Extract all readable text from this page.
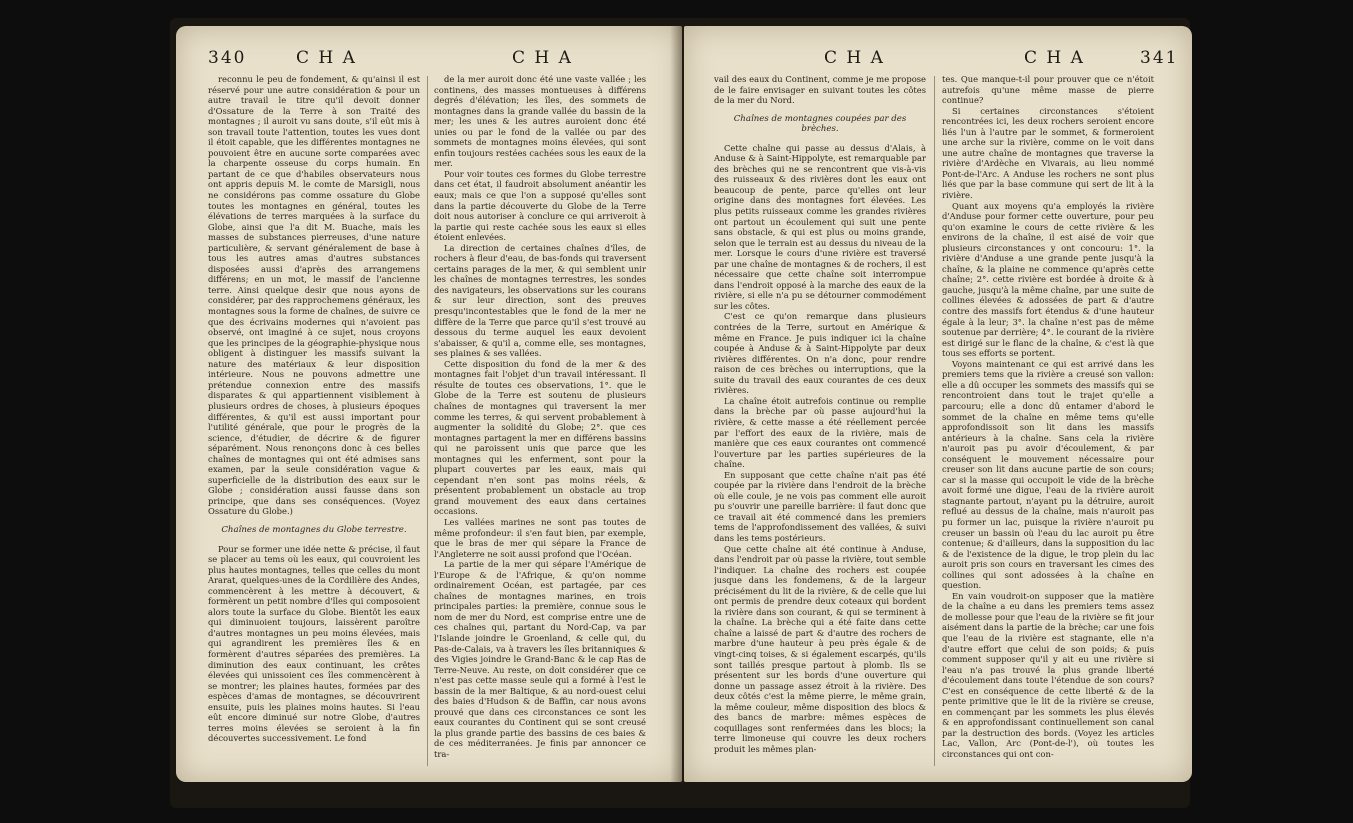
340	C H A	C H A

reconnu le peu de fondement, & qu'ainsi il est réservé pour une autre considération & pour un autre travail le titre qu'il devoit donner d'Ossature de la Terre à son Traité des montagnes ; il auroit vu sans doute, s'il eût mis à son travail toute l'attention, toutes les vues dont il étoit capable, que les différentes montagnes ne pouvoient être en aucune sorte comparées avec la charpente osseuse du corps humain. En partant de ce que d'habiles observateurs nous ont appris depuis M. le comte de Marsigli, nous ne considérons pas comme ossature du Globe toutes les montagnes en général, toutes les élévations de terres marquées à la surface du Globe, ainsi que l'a dit M. Buache, mais les masses de substances pierreuses, d'une nature particulière, & servant généralement de base à tous les autres amas d'autres substances disposées aussi d'après des arrangemens différens; en un mot, le massif de l'ancienne terre. Ainsi quelque desir que nous ayons de considérer, par des rapprochemens généraux, les montagnes sous la forme de chaînes, de suivre ce que des écrivains modernes qui n'avoient pas observé, ont imaginé à ce sujet, nous croyons que les principes de la géographie-physique nous obligent à distinguer les massifs suivant la nature des matériaux & leur disposition intérieure. Nous ne pouvons admettre une prétendue connexion entre des massifs disparates & qui appartiennent visiblement à plusieurs ordres de choses, à plusieurs époques différentes, & qu'il est aussi important pour l'utilité générale, que pour le progrès de la science, d'étudier, de décrire & de figurer séparément. Nous renonçons donc à ces belles chaînes de montagnes qui ont été admises sans examen, par la seule considération vague & superficielle de la distribution des eaux sur le Globe ; considération aussi fausse dans son principe, que dans ses conséquences. (Voyez Ossature du Globe.)

Chaînes de montagnes du Globe terrestre.

Pour se former une idée nette & précise, il faut se placer au tems où les eaux, qui couvroient les plus hautes montagnes, telles que celles du mont Ararat, quelques-unes de la Cordilière des Andes, commencèrent à les mettre à découvert, & formèrent un petit nombre d'îles qui composoient alors toute la surface du Globe. Bientôt les eaux qui diminuoient toujours, laissèrent paroître d'autres montagnes un peu moins élevées, mais qui agrandirent les premières îles & en formèrent d'autres séparées des premières. La diminution des eaux continuant, les crêtes élevées qui unissoient ces îles commencèrent à se montrer; les plaines hautes, formées par des espèces d'amas de montagnes, se découvrirent ensuite, puis les plaines moins hautes. Si l'eau eût encore diminué sur notre Globe, d'autres terres moins élevées se seroient à la fin découvertes successivement. Le fond

de la mer auroit donc été une vaste vallée ; les continens, des masses montueuses à différens degrés d'élévation; les îles, des sommets de montagnes dans la grande vallée du bassin de la mer; les unes & les autres auroient donc été unies ou par le fond de la vallée ou par des sommets de montagnes moins élevées, qui sont enfin toujours restées cachées sous les eaux de la mer.

Pour voir toutes ces formes du Globe terrestre dans cet état, il faudroit absolument anéantir les eaux; mais ce que l'on a supposé qu'elles sont dans la partie découverte du Globe de la Terre doit nous autoriser à conclure ce qui arriveroit à la partie qui reste cachée sous les eaux si elles étoient enlevées.

La direction de certaines chaînes d'îles, de rochers à fleur d'eau, de bas-fonds qui traversent certains parages de la mer, & qui semblent unir les chaînes de montagnes terrestres, les sondes des navigateurs, les observations sur les courans & sur leur direction, sont des preuves presqu'incontestables que le fond de la mer ne diffère de la Terre que parce qu'il s'est trouvé au dessous du terme auquel les eaux devoient s'abaisser, & qu'il a, comme elle, ses montagnes, ses plaines & ses vallées.

Cette disposition du fond de la mer & des montagnes fait l'objet d'un travail intéressant. Il résulte de toutes ces observations, 1°. que le Globe de la Terre est soutenu de plusieurs chaînes de montagnes qui traversent la mer comme les terres, & qui servent probablement à augmenter la solidité du Globe; 2°. que ces montagnes partagent la mer en différens bassins qui ne paroissent unis que parce que les montagnes qui les enferment, sont pour la plupart couvertes par les eaux, mais qui cependant n'en sont pas moins réels, & présentent probablement un obstacle au trop grand mouvement des eaux dans certaines occasions.

Les vallées marines ne sont pas toutes de même profondeur: il s'en faut bien, par exemple, que le bras de mer qui sépare la France de l'Angleterre ne soit aussi profond que l'Océan.

La partie de la mer qui sépare l'Amérique de l'Europe & de l'Afrique, & qu'on nomme ordinairement Océan, est partagée, par ces chaînes de montagnes marines, en trois principales parties: la première, connue sous le nom de mer du Nord, est comprise entre une de ces chaînes qui, partant du Nord-Cap, va par l'Islande joindre le Groenland, & celle qui, du Pas-de-Calais, va à travers les îles britanniques & des Vigies joindre le Grand-Banc & le cap Ras de Terre-Neuve. Au reste, on doit considérer que ce n'est pas cette masse seule qui a formé à l'est le bassin de la mer Baltique, & au nord-ouest celui des baies d'Hudson & de Baffin, car nous avons prouvé que dans ces circonstances ce sont les eaux courantes du Continent qui se sont creusé la plus grande partie des bassins de ces baies & de ces méditerranées. Je finis par annoncer ce tra-

C H A	C H A	341

vail des eaux du Continent, comme je me propose de le faire envisager en suivant toutes les côtes de la mer du Nord.

Chaînes de montagnes coupées par des brèches.

Cette chaîne qui passe au dessus d'Alais, à Anduse & à Saint-Hippolyte, est remarquable par des brèches qui ne se rencontrent que vis-à-vis des ruisseaux & des rivières dont les eaux ont beaucoup de pente, parce qu'elles ont leur origine dans des montagnes fort élevées. Les plus petits ruisseaux comme les grandes rivières ont partout un écoulement qui suit une pente sans obstacle, & qui est plus ou moins grande, selon que le terrain est au dessus du niveau de la mer. Lorsque le cours d'une rivière est traversé par une chaîne de montagnes & de rochers, il est nécessaire que cette chaîne soit interrompue dans l'endroit opposé à la marche des eaux de la rivière, si elle n'a pu se détourner commodément sur les côtes.

C'est ce qu'on remarque dans plusieurs contrées de la Terre, surtout en Amérique & même en France. Je puis indiquer ici la chaîne coupée à Anduse & à Saint-Hippolyte par deux rivières différentes. On n'a donc, pour rendre raison de ces brèches ou interruptions, que la suite du travail des eaux courantes de ces deux rivières.

La chaîne étoit autrefois continue ou remplie dans la brèche par où passe aujourd'hui la rivière, & cette masse a été réellement percée par l'effort des eaux de la rivière, mais de manière que ces eaux courantes ont commencé l'ouverture par les parties supérieures de la chaîne.

En supposant que cette chaîne n'ait pas été coupée par la rivière dans l'endroit de la brèche où elle coule, je ne vois pas comment elle auroit pu s'ouvrir une pareille barrière: il faut donc que ce travail ait été commencé dans les premiers tems de l'approfondissement des vallées, & suivi dans les tems postérieurs.

Que cette chaîne ait été continue à Anduse, dans l'endroit par où passe la rivière, tout semble l'indiquer. La chaîne des rochers est coupée jusque dans les fondemens, & de la largeur précisément du lit de la rivière, & de celle que lui ont permis de prendre deux coteaux qui bordent la rivière dans son courant, & qui se terminent à la chaîne. La brèche qui a été faite dans cette chaîne a laissé de part & d'autre des rochers de marbre d'une hauteur à peu près égale & de vingt-cinq toises, & si également escarpés, qu'ils sont taillés presque partout à plomb. Ils se présentent sur les bords d'une ouverture qui donne un passage assez étroit à la rivière. Des deux côtés c'est la même pierre, le même grain, la même couleur, même disposition des blocs & des bancs de marbre: mêmes espèces de coquillages sont renfermées dans les blocs; la terre limoneuse qui couvre les deux rochers produit les mêmes plan-

tes. Que manque-t-il pour prouver que ce n'étoit autrefois qu'une même masse de pierre continue?

Si certaines circonstances s'étoient rencontrées ici, les deux rochers seroient encore liés l'un à l'autre par le sommet, & formeroient une arche sur la rivière, comme on le voit dans une autre chaîne de montagnes que traverse la rivière d'Ardèche en Vivarais, au lieu nommé Pont-de-l'Arc. A Anduse les rochers ne sont plus liés que par la base commune qui sert de lit à la rivière.

Quant aux moyens qu'a employés la rivière d'Anduse pour former cette ouverture, pour peu qu'on examine le cours de cette rivière & les environs de la chaîne, il est aisé de voir que plusieurs circonstances y ont concouru: 1°. la rivière d'Anduse a une grande pente jusqu'à la chaîne, & la plaine ne commence qu'après cette chaîne; 2°. cette rivière est bordée à droite & à gauche, jusqu'à la même chaîne, par une suite de collines élevées & adossées de part & d'autre contre des massifs fort étendus & d'une hauteur égale à la leur; 3°. la chaîne n'est pas de même soutenue par derrière; 4°. le courant de la rivière est dirigé sur le flanc de la chaîne, & c'est là que tous ses efforts se portent.

Voyons maintenant ce qui est arrivé dans les premiers tems que la rivière a creusé son vallon: elle a dû occuper les sommets des massifs qui se rencontroient dans tout le trajet qu'elle a parcouru; elle a donc dû entamer d'abord le sommet de la chaîne en même tems qu'elle approfondissoit son lit dans les massifs antérieurs à la chaîne. Sans cela la rivière n'auroit pas pu avoir d'écoulement, & par conséquent le mouvement nécessaire pour creuser son lit dans aucune partie de son cours; car si la masse qui occupoit le vide de la brèche avoit formé une digue, l'eau de la rivière auroit stagnante partout, n'ayant pu la détruire, auroit reflué au dessus de la chaîne, mais n'auroit pas pu former un lac, puisque la rivière n'auroit pu creuser un bassin où l'eau du lac auroit pu être contenue; & d'ailleurs, dans la supposition du lac & de l'existence de la digue, le trop plein du lac auroit pris son cours en traversant les cimes des collines qui sont adossées à la chaîne en question.

En vain voudroit-on supposer que la matière de la chaîne a eu dans les premiers tems assez de mollesse pour que l'eau de la rivière se fit jour aisément dans la partie de la brèche; car une fois que l'eau de la rivière est stagnante, elle n'a d'autre effort que celui de son poids; & puis comment supposer qu'il y ait eu une rivière si l'eau n'a pas trouvé la plus grande liberté d'écoulement dans toute l'étendue de son cours? C'est en conséquence de cette liberté & de la pente primitive que le lit de la rivière se creuse, en commençant par les sommets les plus élevés & en approfondissant continuellement son canal par la destruction des bords. (Voyez les articles Lac, Vallon, Arc (Pont-de-l'), où toutes les circonstances qui ont con-
